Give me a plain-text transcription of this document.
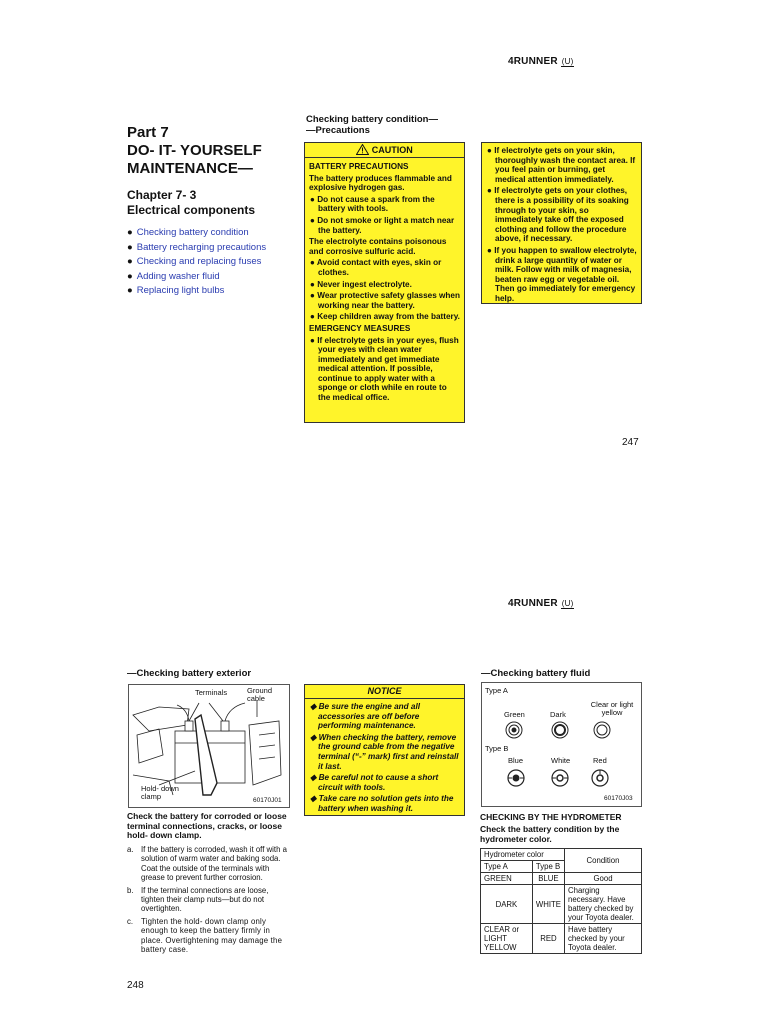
4RUNNER (U)
Part 7
DO- IT- YOURSELF
MAINTENANCE—
Chapter 7- 3
Electrical components
● Checking battery condition
● Battery recharging precautions
● Checking and replacing fuses
● Adding washer fluid
● Replacing light bulbs
Checking battery condition—
—Precautions
CAUTION

BATTERY PRECAUTIONS

The battery produces flammable and explosive hydrogen gas.

● Do not cause a spark from the battery with tools.

● Do not smoke or light a match near the battery.

The electrolyte contains poisonous and corrosive sulfuric acid.

● Avoid contact with eyes, skin or clothes.

● Never ingest electrolyte.

● Wear protective safety glasses when working near the battery.

● Keep children away from the battery.

EMERGENCY MEASURES

● If electrolyte gets in your eyes, flush your eyes with clean water immediately and get immediate medical attention. If possible, continue to apply water with a sponge or cloth while en route to the medical office.

● If electrolyte gets on your skin, thoroughly wash the contact area. If you feel pain or burning, get medical attention immediately.

● If electrolyte gets on your clothes, there is a possibility of its soaking through to your skin, so immediately take off the exposed clothing and follow the procedure above, if necessary.

● If you happen to swallow electrolyte, drink a large quantity of water or milk. Follow with milk of magnesia, beaten raw egg or vegetable oil. Then go immediately for emergency help.

247
4RUNNER (U)
—Checking battery exterior
Terminals	Ground cable
Hold- down clamp	60170J01
NOTICE

◆ Be sure the engine and all accessories are off before performing maintenance.

◆ When checking the battery, remove the ground cable from the negative terminal (“-” mark) first and reinstall it last.

◆ Be careful not to cause a short circuit with tools.

◆ Take care no solution gets into the battery when washing it.

Check the battery for corroded or loose terminal connections, cracks, or loose hold- down clamp.
a. If the battery is corroded, wash it off with a solution of warm water and baking soda. Coat the outside of the terminals with grease to prevent further corrosion.
b. If the terminal connections are loose, tighten their clamp nuts—but do not overtighten.
c.	Tighten the hold- down clamp only enough to keep the battery firmly in place. Overtightening may damage the battery case.
—Checking battery fluid
Type A
Green	Dark
Clear or light yellow
Type B
Blue	White	Red
60170J03
CHECKING BY THE HYDROMETER
Check the battery condition by the hydrometer color.
Hydrometer color		Condition
Type A	Type B	
GREEN	BLUE	Good
DARK	WHITE	Charging necessary. Have battery checked by your Toyota dealer.
CLEAR or LIGHT YELLOW	RED	Have battery checked by your Toyota dealer.
248
